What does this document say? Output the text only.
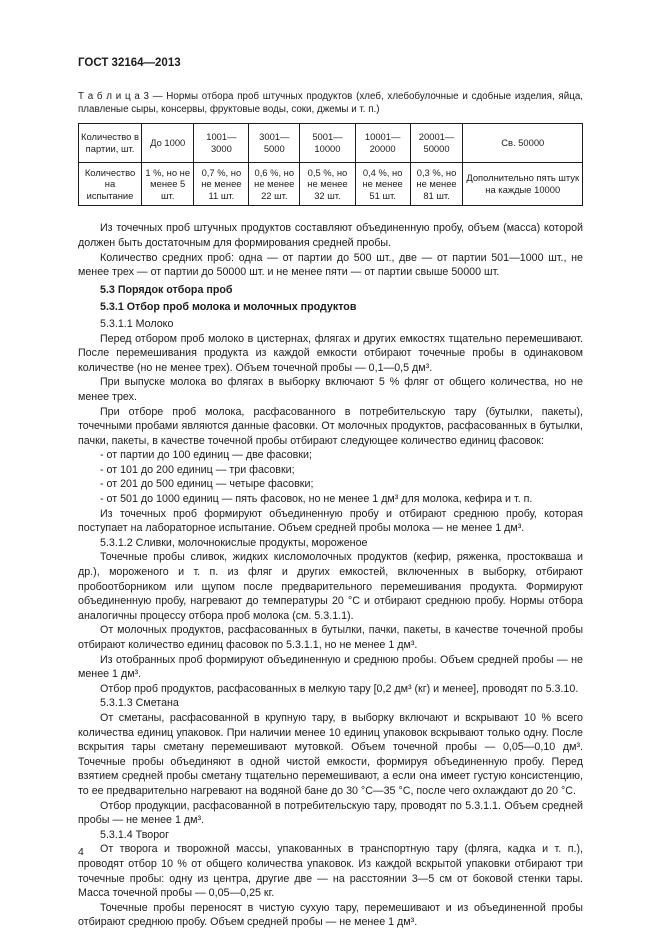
ГОСТ 32164—2013
Т а б л и ц а 3 — Нормы отбора проб штучных продуктов (хлеб, хлебобулочные и сдобные изделия, яйца, плавленые сыры, консервы, фруктовые воды, соки, джемы и т. п.)
Количество в партии, шт.	До 1000	1001— 3000	3001— 5000	5001— 10000	10001— 20000	20001— 50000	Св. 50000
Количество на испытание	1 %, но не менее 5 шт.	0,7 %, но не менее 11 шт.	0,6 %, но не менее 22 шт.	0,5 %, но не менее 32 шт.	0,4 %, но не менее 51 шт.	0,3 %, но не менее 81 шт.	Дополнительно пять штук на каждые 10000

Из точечных проб штучных продуктов составляют объединенную пробу, объем (масса) которой должен быть достаточным для формирования средней пробы.

Количество средних проб: одна — от партии до 500 шт., две — от партии 501—1000 шт., не менее трех — от партии до 50000 шт. и не менее пяти — от партии свыше 50000 шт.

5.3 Порядок отбора проб

5.3.1 Отбор проб молока и молочных продуктов

5.3.1.1 Молоко

Перед отбором проб молоко в цистернах, флягах и других емкостях тщательно перемешивают. После перемешивания продукта из каждой емкости отбирают точечные пробы в одинаковом количестве (но не менее трех). Объем точечной пробы — 0,1—0,5 дм³.

При выпуске молока во флягах в выборку включают 5 % фляг от общего количества, но не менее трех.

При отборе проб молока, расфасованного в потребительскую тару (бутылки, пакеты), точечными пробами являются данные фасовки. От молочных продуктов, расфасованных в бутылки, пачки, пакеты, в качестве точечной пробы отбирают следующее количество единиц фасовок:

- от партии до 100 единиц — две фасовки;

- от 101 до 200 единиц — три фасовки;

- от 201 до 500 единиц — четыре фасовки;

- от 501 до 1000 единиц — пять фасовок, но не менее 1 дм³ для молока, кефира и т. п.

Из точечных проб формируют объединенную пробу и отбирают среднюю пробу, которая поступает на лабораторное испытание. Объем средней пробы молока — не менее 1 дм³.

5.3.1.2 Сливки, молочнокислые продукты, мороженое

Точечные пробы сливок, жидких кисломолочных продуктов (кефир, ряженка, простокваша и др.), мороженого и т. п. из фляг и других емкостей, включенных в выборку, отбирают пробоотборником или щупом после предварительного перемешивания продукта. Формируют объединенную пробу, нагревают до температуры 20 °С и отбирают среднюю пробу. Нормы отбора аналогичны процессу отбора проб молока (см. 5.3.1.1).

От молочных продуктов, расфасованных в бутылки, пачки, пакеты, в качестве точечной пробы отбирают количество единиц фасовок по 5.3.1.1, но не менее 1 дм³.

Из отобранных проб формируют объединенную и среднюю пробы. Объем средней пробы — не менее 1 дм³.

Отбор проб продуктов, расфасованных в мелкую тару [0,2 дм³ (кг) и менее], проводят по 5.3.10.

5.3.1.3 Сметана

От сметаны, расфасованной в крупную тару, в выборку включают и вскрывают 10 % всего количества единиц упаковок. При наличии менее 10 единиц упаковок вскрывают только одну. После вскрытия тары сметану перемешивают мутовкой. Объем точечной пробы — 0,05—0,10 дм³. Точечные пробы объединяют в одной чистой емкости, формируя объединенную пробу. Перед взятием средней пробы сметану тщательно перемешивают, а если она имеет густую консистенцию, то ее предварительно нагревают на водяной бане до 30 °С—35 °С, после чего охлаждают до 20 °С.

Отбор продукции, расфасованной в потребительскую тару, проводят по 5.3.1.1. Объем средней пробы — не менее 1 дм³.

5.3.1.4 Творог

От творога и творожной массы, упакованных в транспортную тару (фляга, кадка и т. п.), проводят отбор 10 % от общего количества упаковок. Из каждой вскрытой упаковки отбирают три точечные пробы: одну из центра, другие две — на расстоянии 3—5 см от боковой стенки тары. Масса точечной пробы — 0,05—0,25 кг.

Точечные пробы переносят в чистую сухую тару, перемешивают и из объединенной пробы отбирают среднюю пробу. Объем средней пробы — не менее 1 дм³.

4
